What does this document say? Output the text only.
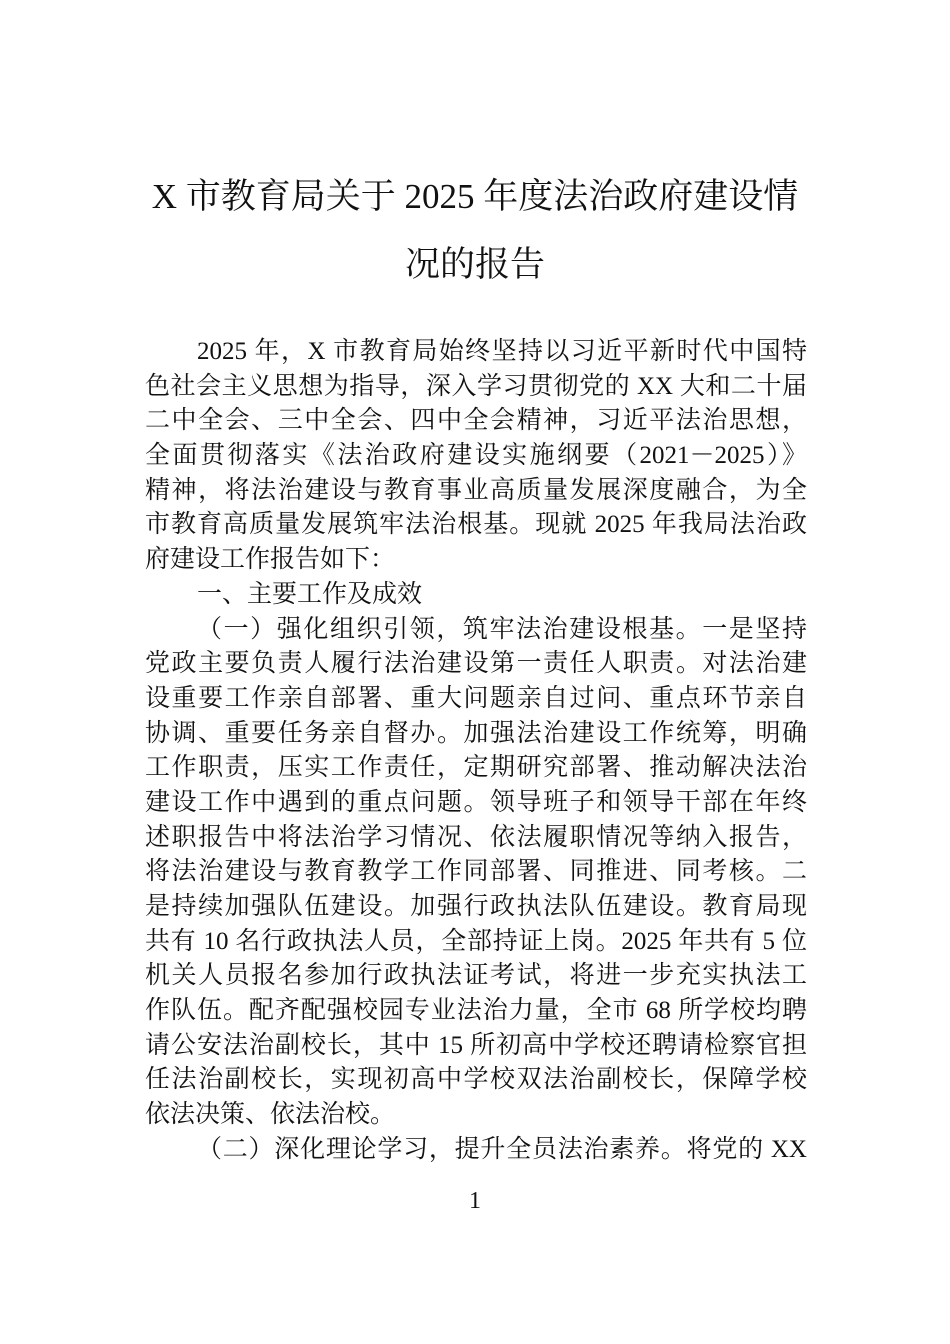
X 市教育局关于 2025 年度法治政府建设情
况的报告
2025 年，X 市教育局始终坚持以习近平新时代中国特
色社会主义思想为指导，深入学习贯彻党的 XX 大和二十届
二中全会、三中全会、四中全会精神，习近平法治思想，
全面贯彻落实《法治政府建设实施纲要（2021－2025）》
精神，将法治建设与教育事业高质量发展深度融合，为全
市教育高质量发展筑牢法治根基。现就 2025 年我局法治政
府建设工作报告如下：
一、主要工作及成效
（一）强化组织引领，筑牢法治建设根基。一是坚持
党政主要负责人履行法治建设第一责任人职责。对法治建
设重要工作亲自部署、重大问题亲自过问、重点环节亲自
协调、重要任务亲自督办。加强法治建设工作统筹，明确
工作职责，压实工作责任，定期研究部署、推动解决法治
建设工作中遇到的重点问题。领导班子和领导干部在年终
述职报告中将法治学习情况、依法履职情况等纳入报告，
将法治建设与教育教学工作同部署、同推进、同考核。二
是持续加强队伍建设。加强行政执法队伍建设。教育局现
共有 10 名行政执法人员，全部持证上岗。2025 年共有 5 位
机关人员报名参加行政执法证考试，将进一步充实执法工
作队伍。配齐配强校园专业法治力量，全市 68 所学校均聘
请公安法治副校长，其中 15 所初高中学校还聘请检察官担
任法治副校长，实现初高中学校双法治副校长，保障学校
依法决策、依法治校。
（二）深化理论学习，提升全员法治素养。将党的 XX
1
